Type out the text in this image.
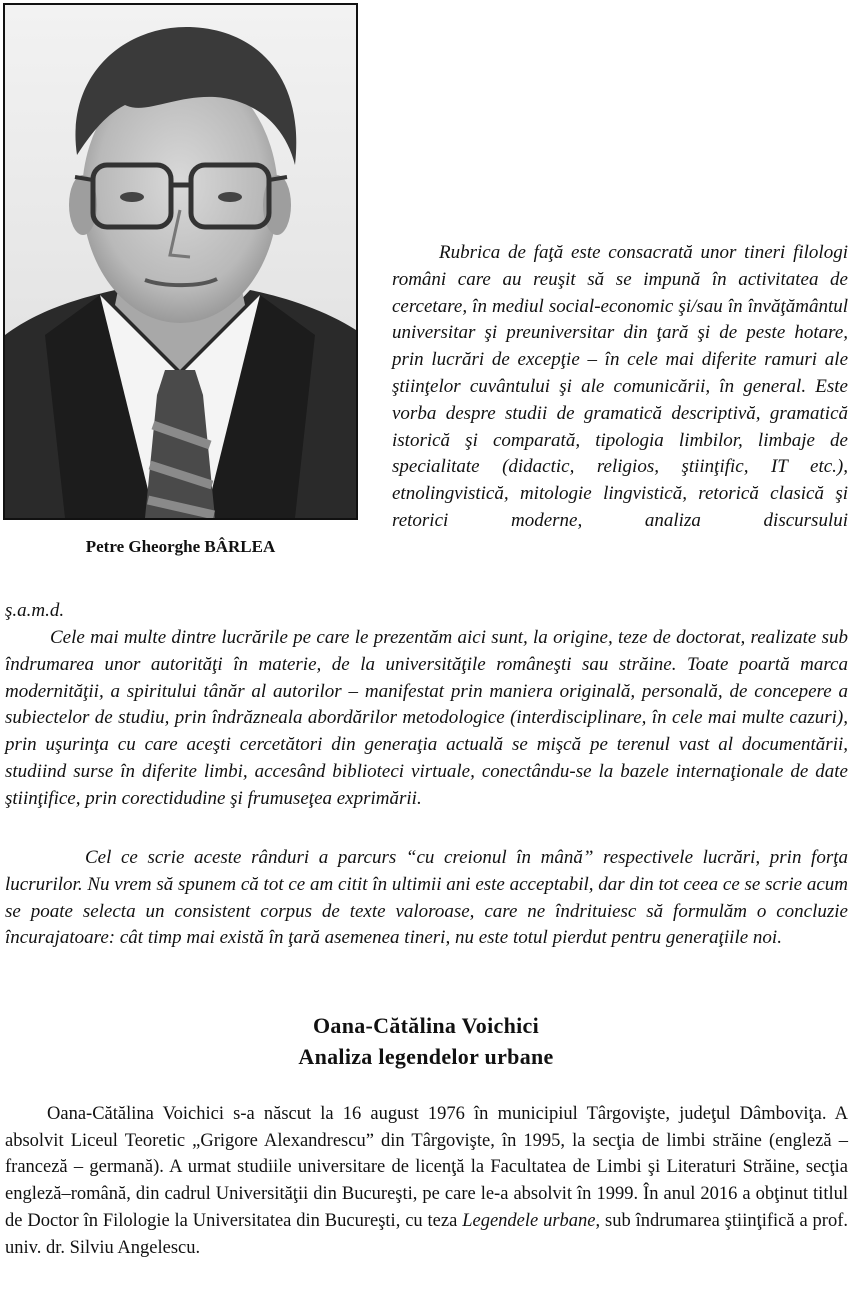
Petre Gheorghe BÂRLEA

Rubrica de faţă este consacrată unor tineri filologi români care au reuşit să se impună în activitatea de cercetare, în mediul social-economic şi/sau în învăţământul universitar şi preuniversitar din ţară şi de peste hotare, prin lucrări de excepţie – în cele mai diferite ramuri ale ştiinţelor cuvântului şi ale comunicării, în general. Este vorba despre studii de gramatică descriptivă, gramatică istorică şi comparată, tipologia limbilor, limbaje de specialitate (didactic, religios, ştiinţific, IT etc.), etnolingvistică, mitologie lingvistică, retorică clasică şi retorici moderne, analiza discursului

ş.a.m.d.

Cele mai multe dintre lucrările pe care le prezentăm aici sunt, la origine, teze de doctorat, realizate sub îndrumarea unor autorităţi în materie, de la universităţile româneşti sau străine. Toate poartă marca modernităţii, a spiritului tânăr al autorilor – manifestat prin maniera originală, personală, de concepere a subiectelor de studiu, prin îndrăzneala abordărilor metodologice (interdisciplinare, în cele mai multe cazuri), prin uşurinţa cu care aceşti cercetători din generaţia actuală se mişcă pe terenul vast al documentării, studiind surse în diferite limbi, accesând biblioteci virtuale, conectându-se la bazele internaţionale de date ştiinţifice, prin corectidudine şi frumuseţea exprimării.

Cel ce scrie aceste rânduri a parcurs “cu creionul în mână” respectivele lucrări, prin forţa lucrurilor. Nu vrem să spunem că tot ce am citit în ultimii ani este acceptabil, dar din tot ceea ce se scrie acum se poate selecta un consistent corpus de texte valoroase, care ne îndrituiesc să formulăm o concluzie încurajatoare: cât timp mai există în ţară asemenea tineri, nu este totul pierdut pentru generaţiile noi.

Oana-Cătălina Voichici
Analiza legendelor urbane

Oana-Cătălina Voichici s-a născut la 16 august 1976 în municipiul Târgovişte, judeţul Dâmboviţa. A absolvit Liceul Teoretic „Grigore Alexandrescu” din Târgovişte, în 1995, la secţia de limbi străine (engleză – franceză – germană). A urmat studiile universitare de licenţă la Facultatea de Limbi şi Literaturi Străine, secţia engleză–română, din cadrul Universităţii din Bucureşti, pe care le-a absolvit în 1999. În anul 2016 a obţinut titlul de Doctor în Filologie la Universitatea din Bucureşti, cu teza Legendele urbane, sub îndrumarea ştiinţifică a prof. univ. dr. Silviu Angelescu.
